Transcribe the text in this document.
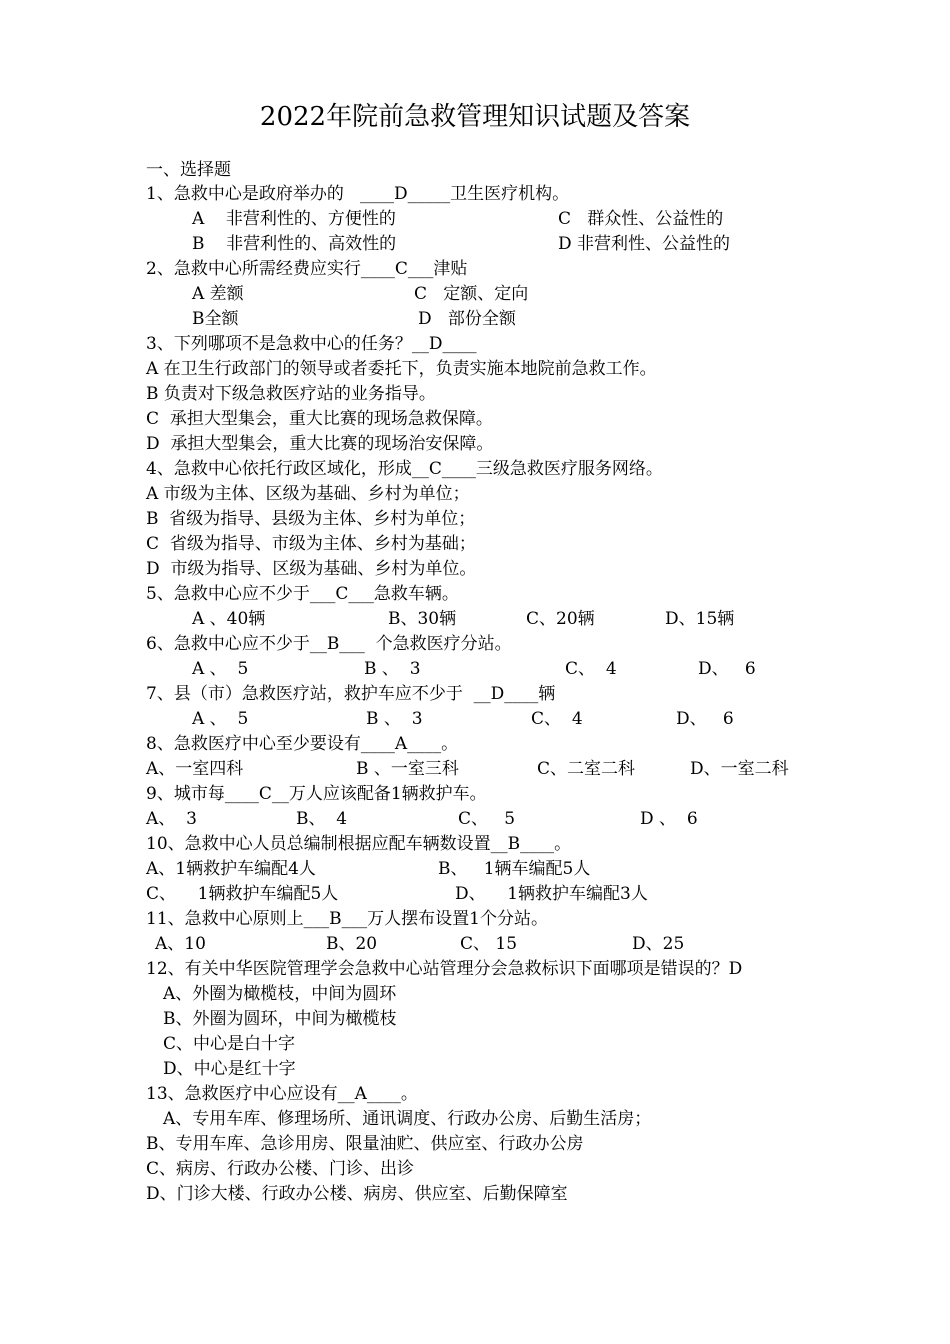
2022年院前急救管理知识试题及答案
一、选择题
1、急救中心是政府举办的   ____D_____卫生医疗机构。
A    非营利性的、方便性的	C   群众性、公益性的
B    非营利性的、高效性的	D 非营利性、公益性的
2、急救中心所需经费应实行____C___津贴
A 差额	C   定额、定向
B全额	D   部份全额
3、下列哪项不是急救中心的任务？__D____
A 在卫生行政部门的领导或者委托下，负责实施本地院前急救工作。
B 负责对下级急救医疗站的业务指导。
C  承担大型集会，重大比赛的现场急救保障。
D  承担大型集会，重大比赛的现场治安保障。
4、急救中心依托行政区域化，形成__C____三级急救医疗服务网络。
A 市级为主体、区级为基础、乡村为单位；
B  省级为指导、县级为主体、乡村为单位；
C  省级为指导、市级为主体、乡村为基础；
D  市级为指导、区级为基础、乡村为单位。
5、急救中心应不少于___C___急救车辆。
A 、40辆	B、30辆	C、20辆	D、15辆
6、急救中心应不少于__B___  个急救医疗分站。
A 、  5	B 、  3	C、  4	D、   6
7、县（市）急救医疗站，救护车应不少于  __D____辆
A 、  5	B 、  3	C、  4	D、   6
8、急救医疗中心至少要设有____A____。
A、一室四科	B 、一室三科	C、二室二科	D、一室二科
9、城市每____C__万人应该配备1辆救护车。
A、  3	B、  4	C、   5	D 、  6
10、急救中心人员总编制根据应配车辆数设置__B____。
A、1辆救护车编配4人	B、   1辆车编配5人
C、    1辆救护车编配5人	D、    1辆救护车编配3人
11、急救中心原则上___B___万人摆布设置1个分站。
A、10	B、20	C、 15	D、25
12、有关中华医院管理学会急救中心站管理分会急救标识下面哪项是错误的？D
A、外圈为橄榄枝，中间为圆环
B、外圈为圆环，中间为橄榄枝
C、中心是白十字
D、中心是红十字
13、急救医疗中心应设有__A____。
A、专用车库、修理场所、通讯调度、行政办公房、后勤生活房；
B、专用车库、急诊用房、限量油贮、供应室、行政办公房
C、病房、行政办公楼、门诊、出诊
D、门诊大楼、行政办公楼、病房、供应室、后勤保障室
